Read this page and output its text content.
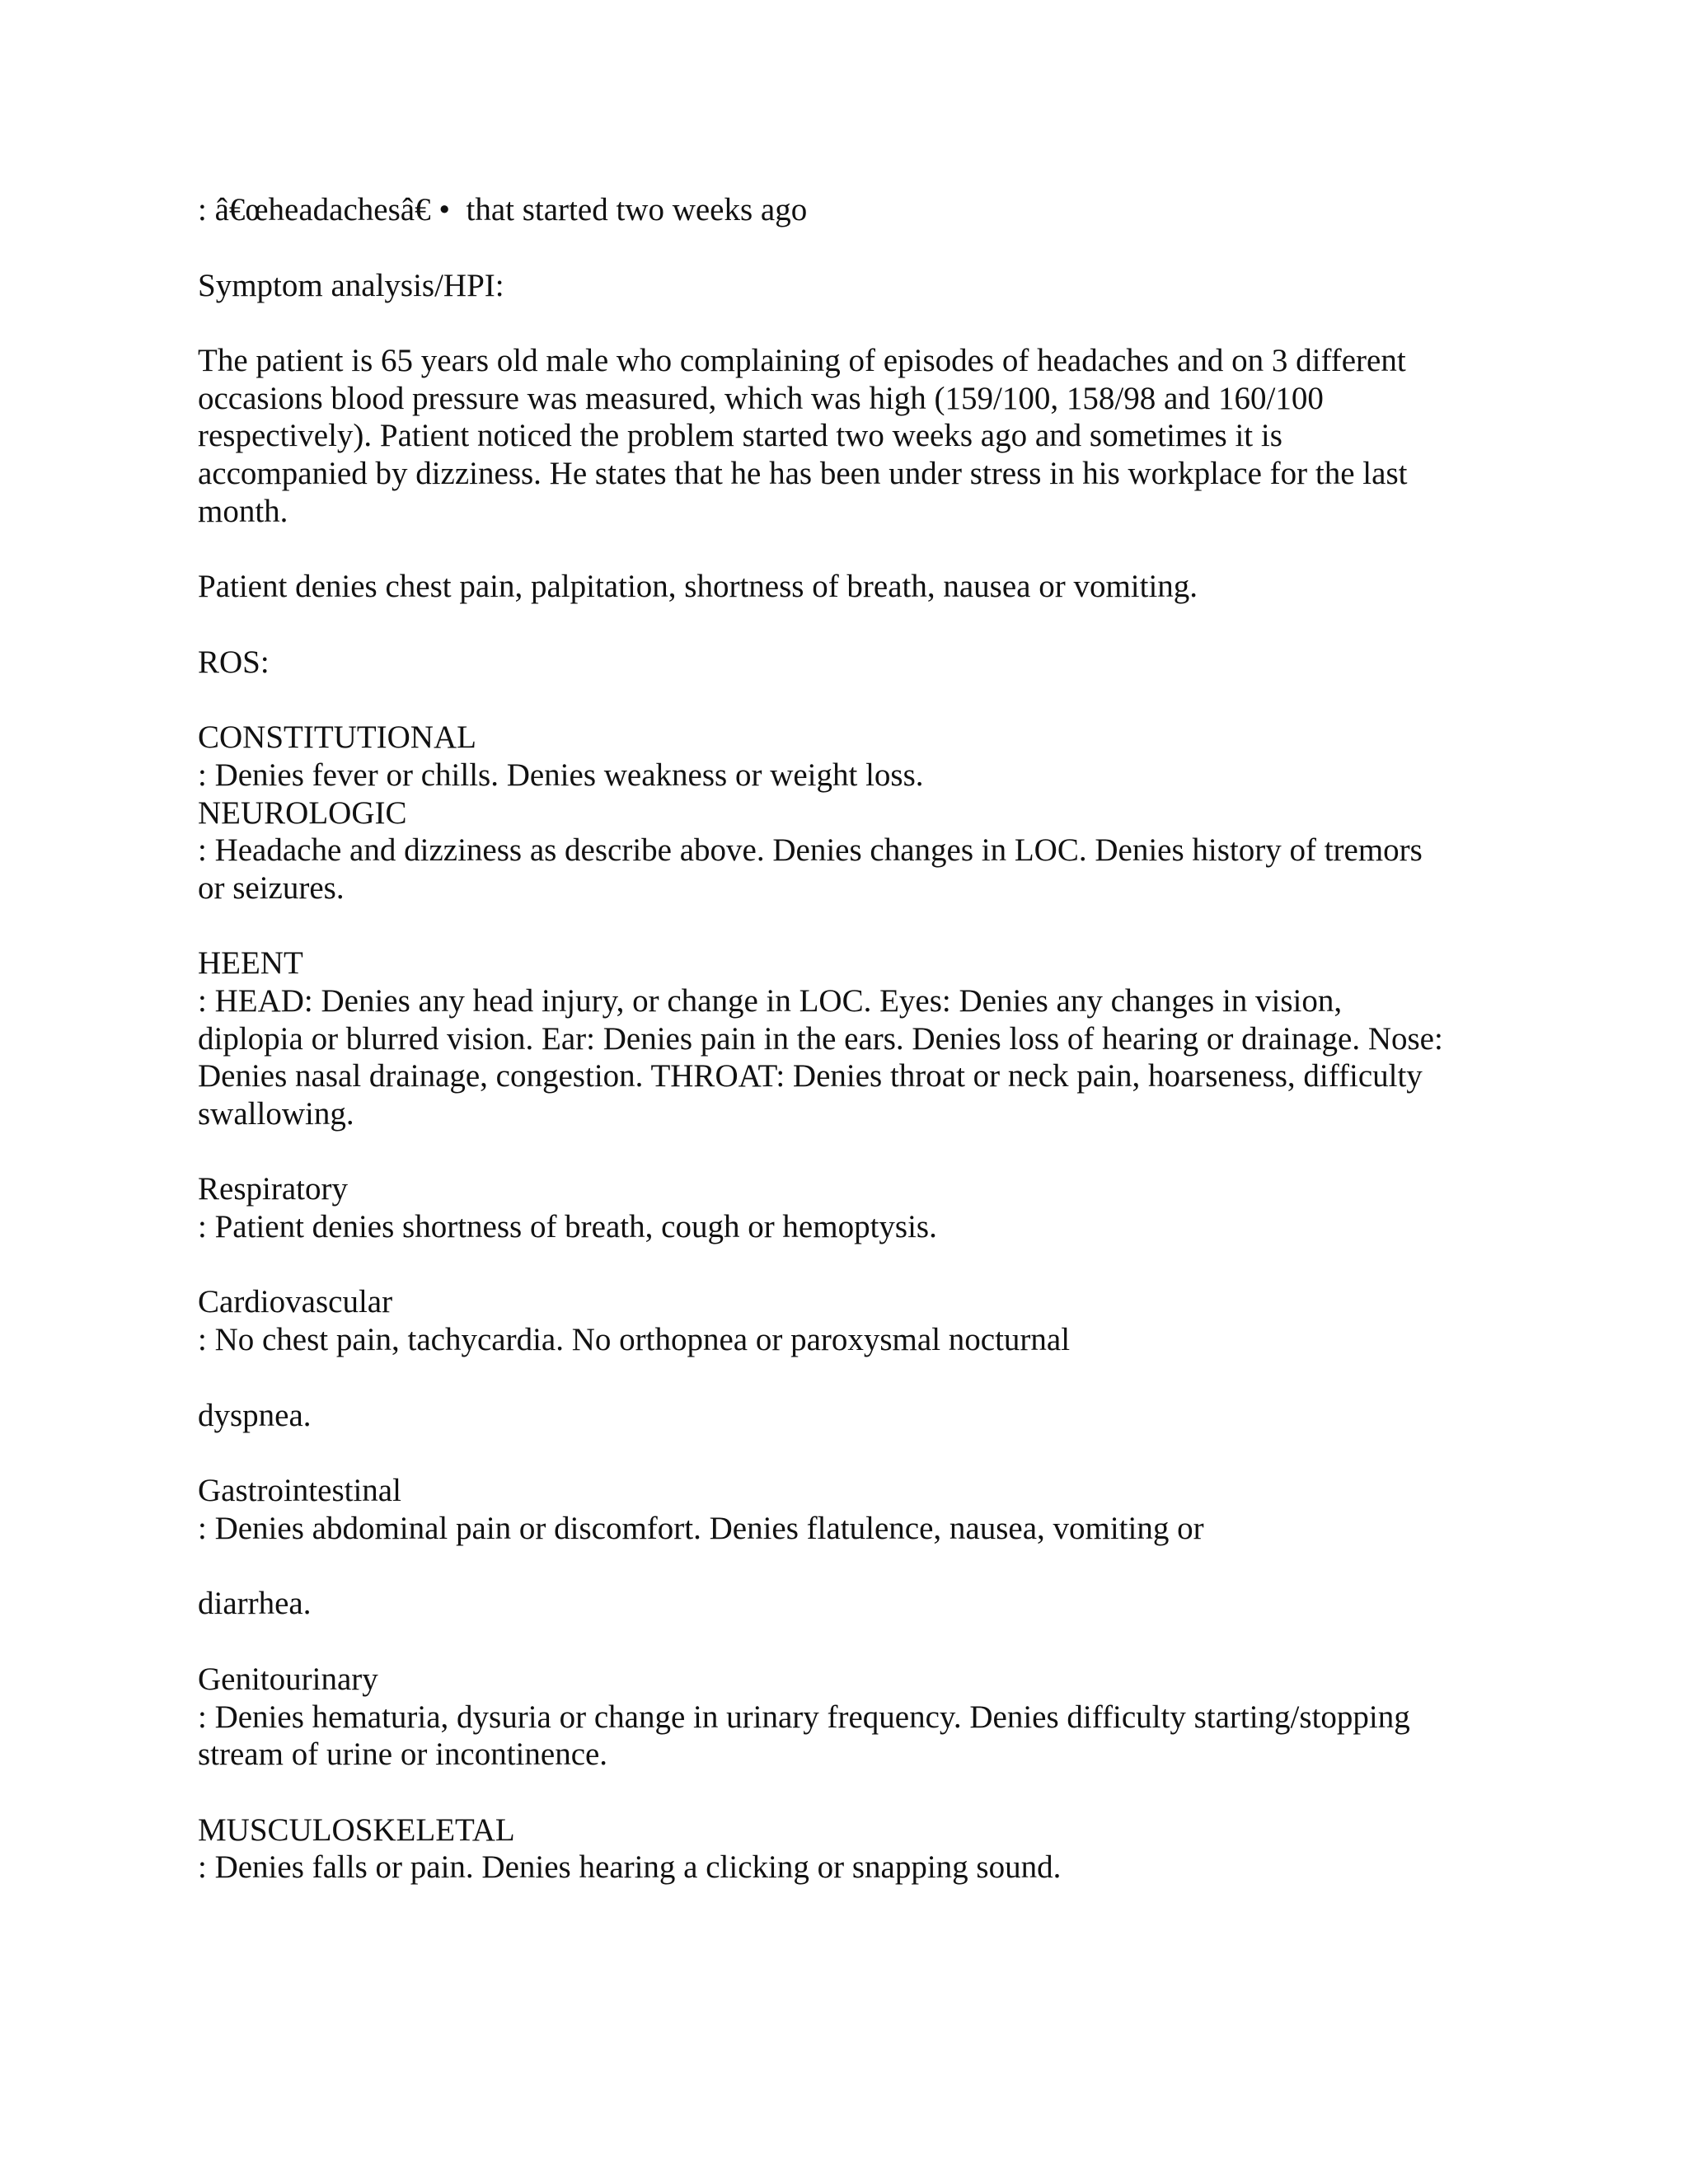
: â€œheadachesâ€ •  that started two weeks ago

Symptom analysis/HPI:

The patient is 65 years old male who complaining of episodes of headaches and on 3 different
occasions blood pressure was measured, which was high (159/100, 158/98 and 160/100
respectively). Patient noticed the problem started two weeks ago and sometimes it is
accompanied by dizziness. He states that he has been under stress in his workplace for the last
month.

Patient denies chest pain, palpitation, shortness of breath, nausea or vomiting.

ROS:

CONSTITUTIONAL
: Denies fever or chills. Denies weakness or weight loss.

NEUROLOGIC
: Headache and dizziness as describe above. Denies changes in LOC. Denies history of tremors
or seizures.

HEENT
: HEAD: Denies any head injury, or change in LOC. Eyes: Denies any changes in vision,
diplopia or blurred vision. Ear: Denies pain in the ears. Denies loss of hearing or drainage. Nose:
Denies nasal drainage, congestion. THROAT: Denies throat or neck pain, hoarseness, difficulty
swallowing.

Respiratory
: Patient denies shortness of breath, cough or hemoptysis.

Cardiovascular
: No chest pain, tachycardia. No orthopnea or paroxysmal nocturnal

dyspnea.

Gastrointestinal
: Denies abdominal pain or discomfort. Denies flatulence, nausea, vomiting or

diarrhea.

Genitourinary
: Denies hematuria, dysuria or change in urinary frequency. Denies difficulty starting/stopping
stream of urine or incontinence.

MUSCULOSKELETAL
: Denies falls or pain. Denies hearing a clicking or snapping sound.
